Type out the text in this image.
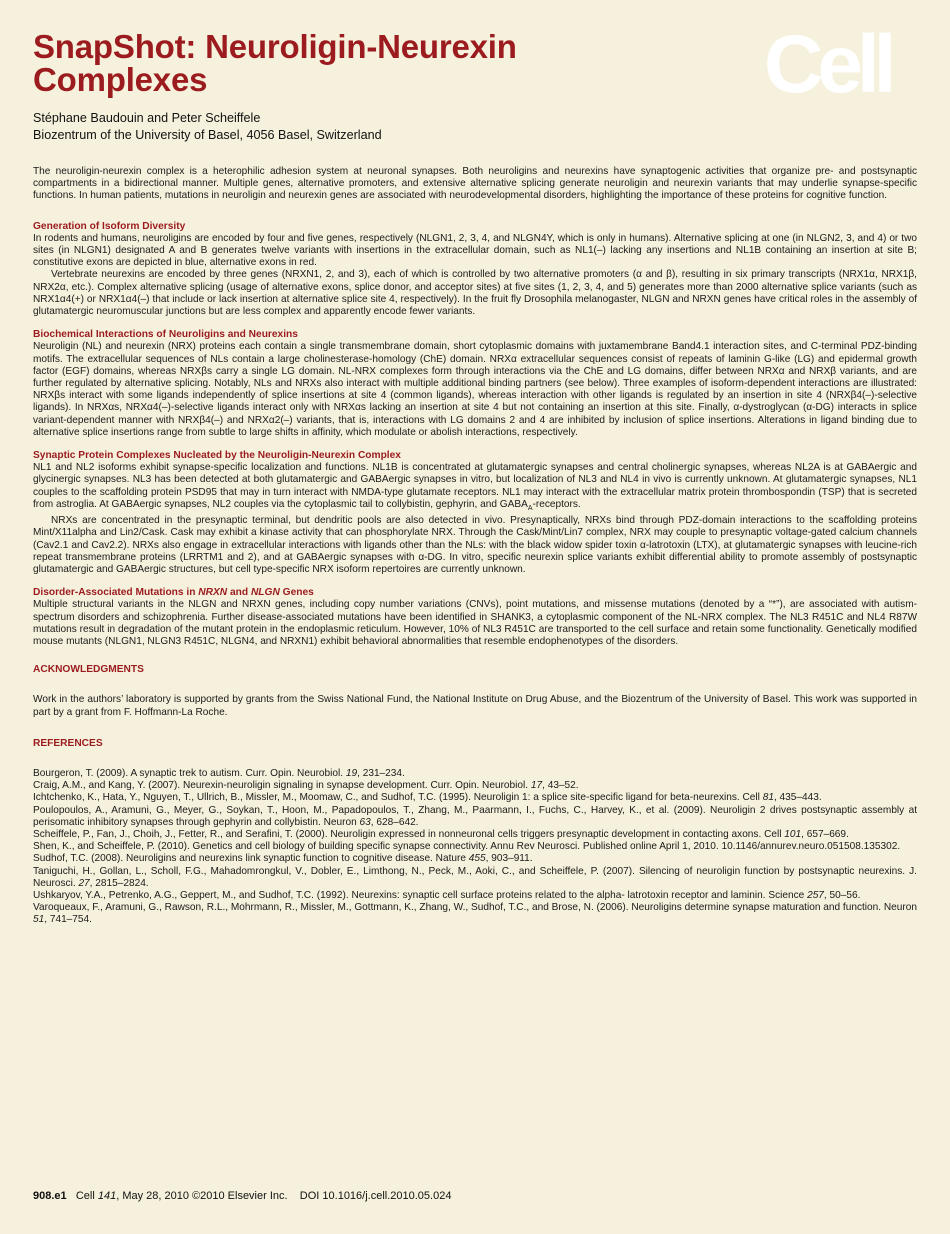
SnapShot: Neuroligin-Neurexin
Complexes	Cell
Stéphane Baudouin and Peter Scheiffele
Biozentrum of the University of Basel, 4056 Basel, Switzerland

The neuroligin-neurexin complex is a heterophilic adhesion system at neuronal synapses. Both neuroligins and neurexins have synaptogenic activities that organize pre- and postsynaptic compartments in a bidirectional manner. Multiple genes, alternative promoters, and extensive alternative splicing generate neuroligin and neurexin variants that may underlie synapse-specific functions. In human patients, mutations in neuroligin and neurexin genes are associated with neurodevelopmental disorders, highlighting the importance of these proteins for cognitive function.

Generation of Isoform Diversity

In rodents and humans, neuroligins are encoded by four and five genes, respectively (NLGN1, 2, 3, 4, and NLGN4Y, which is only in humans). Alternative splicing at one (in NLGN2, 3, and 4) or two sites (in NLGN1) designated A and B generates twelve variants with insertions in the extracellular domain, such as NL1(–) lacking any insertions and NL1B containing an insertion at site B; constitutive exons are depicted in blue, alternative exons in red.

Vertebrate neurexins are encoded by three genes (NRXN1, 2, and 3), each of which is controlled by two alternative promoters (α and β), resulting in six primary transcripts (NRX1α, NRX1β, NRX2α, etc.). Complex alternative splicing (usage of alternative exons, splice donor, and acceptor sites) at five sites (1, 2, 3, 4, and 5) generates more than 2000 alternative splice variants (such as NRX1α4(+) or NRX1α4(–) that include or lack insertion at alternative splice site 4, respectively). In the fruit fly Drosophila melanogaster, NLGN and NRXN genes have critical roles in the assembly of glutamatergic neuromuscular junctions but are less complex and apparently encode fewer variants.

Biochemical Interactions of Neuroligins and Neurexins

Neuroligin (NL) and neurexin (NRX) proteins each contain a single transmembrane domain, short cytoplasmic domains with juxtamembrane Band4.1 interaction sites, and C-terminal PDZ-binding motifs. The extracellular sequences of NLs contain a large cholinesterase-homology (ChE) domain. NRXα extracellular sequences consist of repeats of laminin G-like (LG) and epidermal growth factor (EGF) domains, whereas NRXβs carry a single LG domain. NL-NRX complexes form through interactions via the ChE and LG domains, differ between NRXα and NRXβ variants, and are further regulated by alternative splicing. Notably, NLs and NRXs also interact with multiple additional binding partners (see below). Three examples of isoform-dependent interactions are illustrated: NRXβs interact with some ligands independently of splice insertions at site 4 (common ligands), whereas interaction with other ligands is regulated by an insertion in site 4 (NRXβ4(–)-selective ligands). In NRXαs, NRXα4(–)-selective ligands interact only with NRXαs lacking an insertion at site 4 but not containing an insertion at this site. Finally, α-dystroglycan (α-DG) interacts in splice variant-dependent manner with NRXβ4(–) and NRXα2(–) variants, that is, interactions with LG domains 2 and 4 are inhibited by inclusion of splice insertions. Alterations in ligand binding due to alternative splice insertions range from subtle to large shifts in affinity, which modulate or abolish interactions, respectively.

Synaptic Protein Complexes Nucleated by the Neuroligin-Neurexin Complex

NL1 and NL2 isoforms exhibit synapse-specific localization and functions. NL1B is concentrated at glutamatergic synapses and central cholinergic synapses, whereas NL2A is at GABAergic and glycinergic synapses. NL3 has been detected at both glutamatergic and GABAergic synapses in vitro, but localization of NL3 and NL4 in vivo is currently unknown. At glutamatergic synapses, NL1 couples to the scaffolding protein PSD95 that may in turn interact with NMDA-type glutamate receptors. NL1 may interact with the extracellular matrix protein thrombospondin (TSP) that is secreted from astroglia. At GABAergic synapses, NL2 couples via the cytoplasmic tail to collybistin, gephyrin, and $GABA_A$-receptors.

NRXs are concentrated in the presynaptic terminal, but dendritic pools are also detected in vivo. Presynaptically, NRXs bind through PDZ-domain interactions to the scaffolding proteins Mint/X11alpha and Lin2/Cask. Cask may exhibit a kinase activity that can phosphorylate NRX. Through the Cask/Mint/Lin7 complex, NRX may couple to presynaptic voltage-gated calcium channels (Cav2.1 and Cav2.2). NRXs also engage in extracellular interactions with ligands other than the NLs: with the black widow spider toxin α-latrotoxin (LTX), at glutamatergic synapses with leucine-rich repeat transmembrane proteins (LRRTM1 and 2), and at GABAergic synapses with α-DG. In vitro, specific neurexin splice variants exhibit differential ability to promote assembly of postsynaptic glutamatergic and GABAergic structures, but cell type-specific NRX isoform repertoires are currently unknown.

Disorder-Associated Mutations in NRXN and NLGN Genes

Multiple structural variants in the NLGN and NRXN genes, including copy number variations (CNVs), point mutations, and missense mutations (denoted by a “*”), are associated with autism-spectrum disorders and schizophrenia. Further disease-associated mutations have been identified in SHANK3, a cytoplasmic component of the NL-NRX complex. The NL3 R451C and NL4 R87W mutations result in degradation of the mutant protein in the endoplasmic reticulum. However, 10% of NL3 R451C are transported to the cell surface and retain some functionality. Genetically modified mouse mutants (NLGN1, NLGN3 R451C, NLGN4, and NRXN1) exhibit behavioral abnormalities that resemble endophenotypes of the disorders.

ACKNOWLEDGMENTS

Work in the authors’ laboratory is supported by grants from the Swiss National Fund, the National Institute on Drug Abuse, and the Biozentrum of the University of Basel. This work was supported in part by a grant from F. Hoffmann-La Roche.

REFERENCES

Bourgeron, T. (2009). A synaptic trek to autism. Curr. Opin. Neurobiol. 19, 231–234.

Craig, A.M., and Kang, Y. (2007). Neurexin-neuroligin signaling in synapse development. Curr. Opin. Neurobiol. 17, 43–52.

Ichtchenko, K., Hata, Y., Nguyen, T., Ullrich, B., Missler, M., Moomaw, C., and Sudhof, T.C. (1995). Neuroligin 1: a splice site-specific ligand for beta-neurexins. Cell 81, 435–443.

Poulopoulos, A., Aramuni, G., Meyer, G., Soykan, T., Hoon, M., Papadopoulos, T., Zhang, M., Paarmann, I., Fuchs, C., Harvey, K., et al. (2009). Neuroligin 2 drives postsynaptic assembly at perisomatic inhibitory synapses through gephyrin and collybistin. Neuron 63, 628–642.

Scheiffele, P., Fan, J., Choih, J., Fetter, R., and Serafini, T. (2000). Neuroligin expressed in nonneuronal cells triggers presynaptic development in contacting axons. Cell 101, 657–669.

Shen, K., and Scheiffele, P. (2010). Genetics and cell biology of building specific synapse connectivity. Annu Rev Neurosci. Published online April 1, 2010. 10.1146/annurev.neuro.051508.135302.

Sudhof, T.C. (2008). Neuroligins and neurexins link synaptic function to cognitive disease. Nature 455, 903–911.

Taniguchi, H., Gollan, L., Scholl, F.G., Mahadomrongkul, V., Dobler, E., Limthong, N., Peck, M., Aoki, C., and Scheiffele, P. (2007). Silencing of neuroligin function by postsynaptic neurexins. J. Neurosci. 27, 2815–2824.

Ushkaryov, Y.A., Petrenko, A.G., Geppert, M., and Sudhof, T.C. (1992). Neurexins: synaptic cell surface proteins related to the alpha- latrotoxin receptor and laminin. Science 257, 50–56.

Varoqueaux, F., Aramuni, G., Rawson, R.L., Mohrmann, R., Missler, M., Gottmann, K., Zhang, W., Sudhof, T.C., and Brose, N. (2006). Neuroligins determine synapse maturation and function. Neuron 51, 741–754.

908.e1 Cell 141, May 28, 2010 ©2010 Elsevier Inc.    DOI 10.1016/j.cell.2010.05.024
